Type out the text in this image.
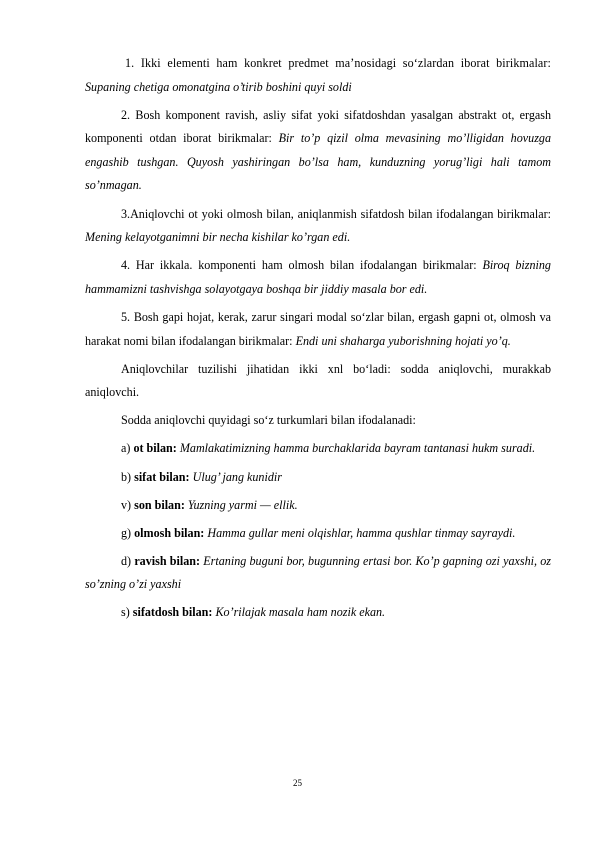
1. Ikki elementi ham konkret predmet ma’nosidagi so‘zlardan iborat birikmalar: Supaning chetiga omonatgina o’tirib boshini quyi soldi

2. Bosh komponent ravish, asliy sifat yoki sifatdoshdan yasalgan abstrakt ot, ergash komponenti otdan iborat birikmalar: Bir to’p qizil olma mevasining mo’lligidan hovuzga engashib tushgan. Quyosh yashiringan bo’lsa ham, kunduzning yorug’ligi hali tamom so’nmagan.

3.Aniqlovchi ot yoki olmosh bilan, aniqlanmish sifatdosh bilan ifodalangan birikmalar: Mening kelayotganimni bir necha kishilar ko’rgan edi.

4. Har ikkala. komponenti ham olmosh bilan ifodalangan birikmalar: Biroq bizning hammamizni tashvishga solayotgaya boshqa bir jiddiy masala bor edi.

5. Bosh gapi hojat, kerak, zarur singari modal so‘zlar bilan, ergash gapni ot, olmosh va harakat nomi bilan ifodalangan birikmalar: Endi uni shaharga yuborishning hojati yo’q.

Aniqlovchilar tuzilishi jihatidan ikki xnl bo‘ladi: sodda aniqlovchi, murakkab aniqlovchi.

Sodda aniqlovchi quyidagi so‘z turkumlari bilan ifodalanadi:

a) ot bilan: Mamlakatimizning hamma burchaklarida bayram tantanasi hukm suradi.

b) sifat bilan: Ulug’ jang kunidir

v) son bilan: Yuzning yarmi — ellik.

g) olmosh bilan: Hamma gullar meni olqishlar, hamma qushlar tinmay sayraydi.

d) ravish bilan: Ertaning buguni bor, bugunning ertasi bor. Ko’p gapning ozi yaxshi, oz so’zning o’zi yaxshi

s) sifatdosh bilan: Ko’rilajak masala ham nozik ekan.

25
